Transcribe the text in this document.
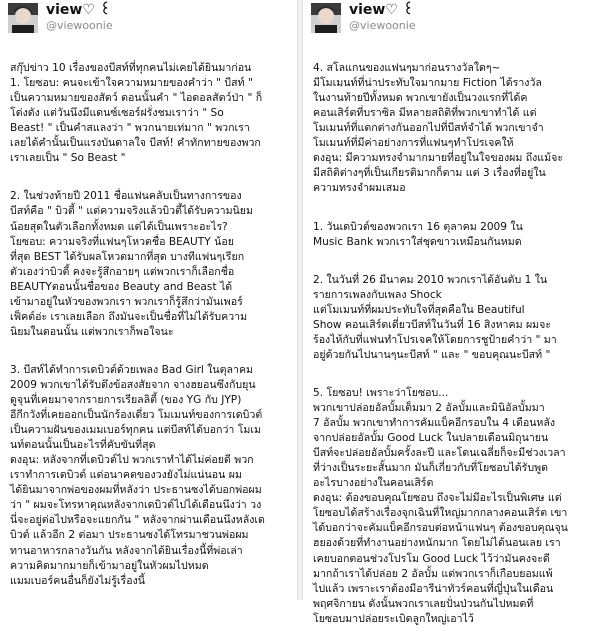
view♡ ꒰
@viewoonie

สกุ๊ปข่าว 10 เรื่องของบีสท์ที่ทุกคนไม่เคยได้ยินมาก่อน
1. โยซอบ: คนจะเข้าใจความหมายของคำว่า " บีสท์ "
เป็นความหมายของสัตว์ ตอนนั้นคำ " ไอดอลสัตว์ป่า " ก็
โด่งดัง แต่วันนึงมีแดนซ์เซอร์ฝรั่งชมเราว่า " So
Beast! " เป็นคำสแลงว่า " พวกนายเท่มาก " พวกเรา
เลยได้คำนั้นเป็นแรงบันดาลใจ บีสท์! คำทักทายของพวก
เราเลยเป็น " So Beast "

2. ในช่วงท้ายปี 2011 ชื่อแฟนคลับเป็นทางการของ
บีสท์คือ " บิวตี้ " แต่ความจริงแล้วบิวตี้ได้รับความนิยม
น้อยสุดในตัวเลือกทั้งหมด แต่ได้เป็นเพราะอะไร?
โยซอบ: ความจริงที่แฟนๆโหวตชื่อ BEAUTY น้อย
ที่สุด BEST ได้รับผลโหวตมากที่สุด บางทีแฟนๆเรียก
ตัวเองว่าบิวตี้ คงจะรู้สึกอายๆ แต่พวกเราก็เลือกชื่อ
BEAUTYตอนนั้นชื่อของ Beauty and Beast ได้
เข้ามาอยู่ในหัวของพวกเรา พวกเราก็รู้สึกว่ามันเพอร์
เฟ็คต์อ่ะ เราเลยเลือก ถึงมันจะเป็นชื่อที่ไม่ได้รับความ
นิยมในตอนนั้น แต่พวกเราก็พอใจนะ

3. บีสท์ได้ทำการเดบิวต์ด้วยเพลง Bad Girl ในตุลาคม
2009 พวกเขาได้รับดึงข้อสงสัยจาก จางฮยอนซึงกับยุน
ดูจุนที่เคยมาจากรายการเรียลลิตี้ (ของ YG กับ JYP)
อีกีกวังที่เคยออกเป็นนักร้องเดี่ยว โมเมนท์ของการเดบิวต์
เป็นความฝันของเมมเบอร์ทุกคน แต่บีสท์ได้บอกว่า โมเม
นท์ตอนนั้นเป็นอะไรที่คับขันที่สุด
ดงอุน: หลังจากที่เดบิวต์ไป พวกเราทำได้ไม่ค่อยดี พวก
เราทำการเดบิวต์ แต่อนาคตของวงยังไม่แน่นอน ผม
ได้ยินมาจากพ่อของผมที่หลังว่า ประธานซงได้บอกพ่อผม
ว่า " ผมจะโทรหาคุณหลังจากเดบิวต์ไปได้เดือนนึงว่า วง
นี่จะอยู่ต่อไปหรือจะแยกกัน " หลังจากผ่านเดือนนึงหลังเด
บิวต์ แล้วอีก 2 ต่อมา ประธานซงได้โทรมาชวนพ่อผม
ทานอาหารกลางวันกัน หลังจากได้ยินเรื่องนี้ที่พ่อเล่า
ความคิดมากมายก็เข้ามาอยู่ในหัวผมไปหมด
แมมเบอร์คนอื่นก็ยังไม่รู้เรื่องนี้

view♡ ꒰
@viewoonie

4. สโลแกนของแฟนๆมาก่อนรางวัลใดๆ~
มีโมเมนท์ที่น่าประทับใจมากมาย Fiction ได้รางวัล
ในงานท้ายปีทั้งหมด พวกเขายังเป็นวงแรกที่ได้ค
คอนเสิร์ตที่บราซิล มีหลายสถิติที่พวกเขาทำได้ แต่
โมเมนท์ที่แตกต่างกันออกไปที่บีสท์จำได้ พวกเขาจำ
โมเมนท์ที่มีค่าอย่างการที่แฟนๆทำโปรเจคให้
ดงอุน: มีความทรงจำมากมายที่อยู่ในใจของผม ถึงแม้จะ
มีสถิติต่างๆที่เป็นเกียรติมากก็ตาม แต่ 3 เรื่องที่อยู่ใน
ความทรงจำผมเสมอ

1. วันเดบิวต์ของพวกเรา 16 ตุลาคม 2009 ใน
Music Bank พวกเราใส่ชุดขาวเหมือนกันหมด

2. ในวันที่ 26 มีนาคม 2010 พวกเราได้อันดับ 1 ใน
รายการเพลงกับเพลง Shock
แต่โมเมนท์ที่ผมประทับใจที่สุดคือใน Beautiful
Show คอนเสิร์ตเดี่ยวบีสท์ในวันที่ 16 สิงหาคม ผมจะ
ร้องไห้กับที่แฟนทำโปรเจคให้โดยการชูป้ายคำว่า " มา
อยู่ด้วยกันไปนานๆนะบีสท์ " และ " ขอบคุณนะบีสท์ "

5. โยซอบ! เพราะว่าโยซอบ...
พวกเขาปล่อยอัลบั้มเต็มมา 2 อัลบั้มและมินิอัลบั้มมา
7 อัลบั้ม พวกเขาทำการคัมแบ็คอีกรอบใน 4 เดือนหลัง
จากปล่อยอัลบั้ม Good Luck ในปลายเดือนมิถุนายน
บีสท์จะปล่อยอัลบั้มครั้งละปี และโดนเฉลี่ยก็จะมีช่วงเวลา
ที่ว่างเป็นระยะสั้นมาก มันก็เกี่ยวกับที่โยซอบได้รับพูด
อะไรบางอย่างในคอนเสิร์ต
ดงอุน: ต้องขอบคุณโยซอบ ถึงจะไม่มีอะไรเป็นพิเศษ แต่
โยซอบได้สร้างเรื่องจุกเฉินที่ใหญ่มากกลางคอนเสิร์ต เขา
ได้บอกว่าจะคัมแบ็คอีกรอบต่อหน้าแฟนๆ ต้องขอบคุณจุน
ฮยองด้วยที่ทำงานอย่างหนักมาก โดยไม่ได้นอนเลย เรา
เคยบอกตอนช่วงโปรโม Good Luck ไว้ว่ามันคงจะดี
มากถ้าเราได้ปล่อย 2 อัลบั้ม แต่พวกเราก็เกือบยอมแพ้
ไปแล้ว เพราะเราต้องมีอารีน่าทัวร์คอนที่ญี่ปุ่นในเดือน
พฤศจิกายน ดังนั้นพวกเราเลยปั่นป่วนกันไปหมดที่
โยซอบมาปล่อยระเบิดลูกใหญ่เอาไว้
